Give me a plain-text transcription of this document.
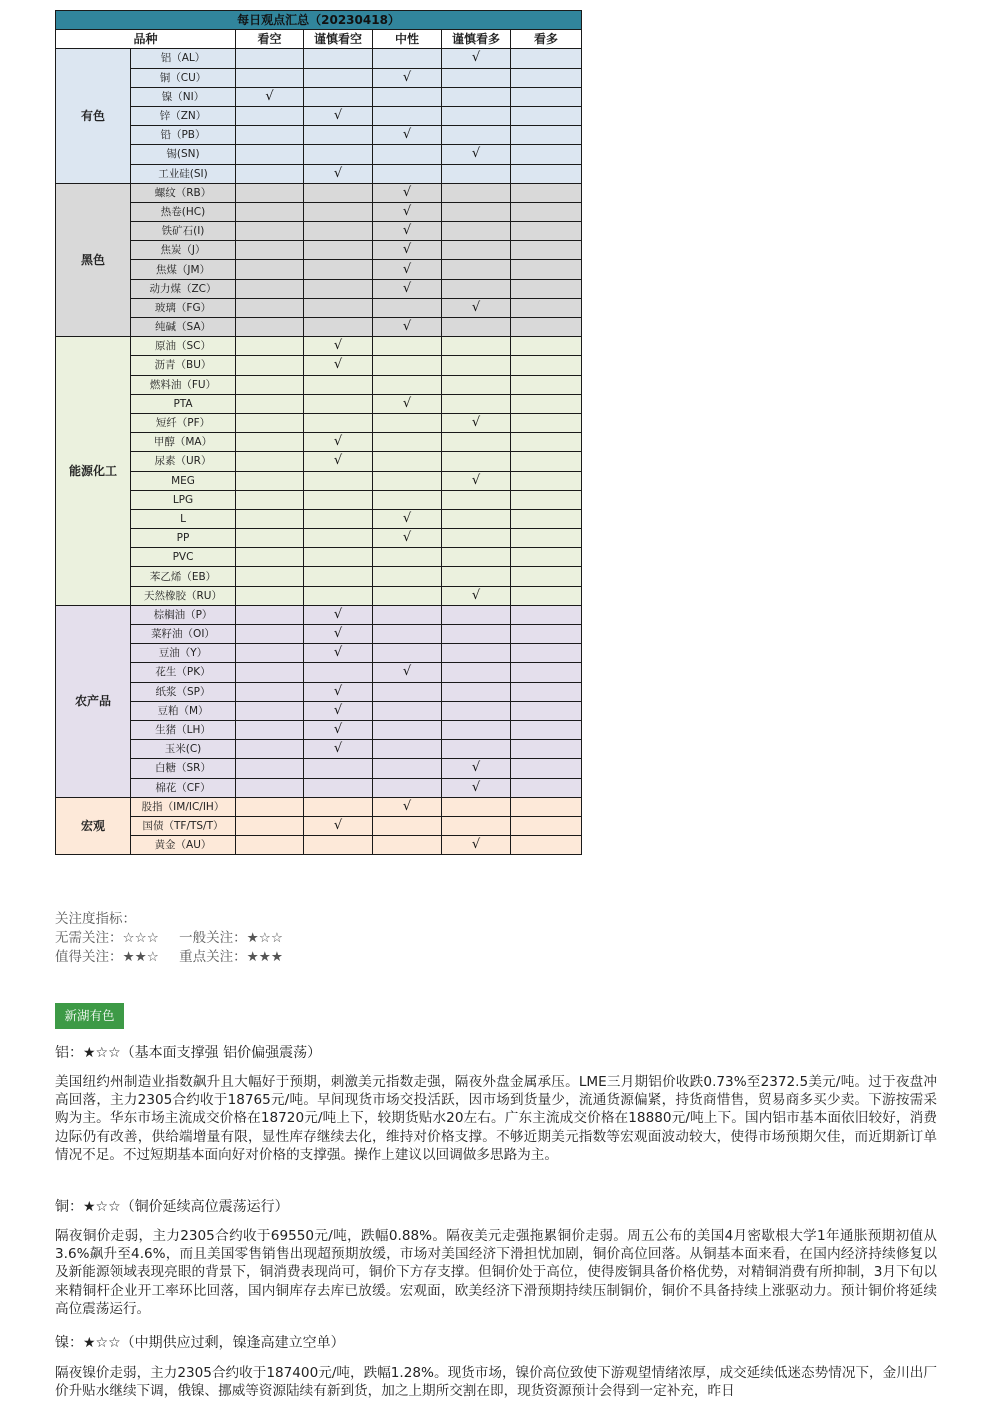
每日观点汇总（20230418）						
品种		看空	谨慎看空	中性	谨慎看多	看多
有色	铝（AL）				√	
	铜（CU）			√		
	镍（NI）	√				
	锌（ZN）		√			
	铅（PB）			√		
	锡(SN)				√	
	工业硅(SI)		√			
黑色	螺纹（RB）			√		
	热卷(HC)			√		
	铁矿石(I)			√		
	焦炭（J）			√		
	焦煤（JM）			√		
	动力煤（ZC）			√		
	玻璃（FG）				√	
	纯碱（SA）			√		
能源化工	原油（SC）		√			
	沥青（BU）		√			
	燃料油（FU）					
	PTA			√		
	短纤（PF）				√	
	甲醇（MA）		√			
	尿素（UR）		√			
	MEG				√	
	LPG					
	L			√		
	PP			√		
	PVC					
	苯乙烯（EB）					
	天然橡胶（RU）				√	
农产品	棕榈油（P）		√			
	菜籽油（OI）		√			
	豆油（Y）		√			
	花生（PK）			√		
	纸浆（SP）		√			
	豆粕（M）		√			
	生猪（LH）		√			
	玉米(C)		√			
	白糖（SR）				√	
	棉花（CF）				√	
宏观	股指（IM/IC/IH）			√		
	国债（TF/TS/T）		√			
	黄金（AU）				√	
关注度指标：
无需关注：☆☆☆ 一般关注：★☆☆
值得关注：★★☆ 重点关注：★★★
新湖有色
铝：★☆☆（基本面支撑强 铝价偏强震荡）
美国纽约州制造业指数飙升且大幅好于预期，刺激美元指数走强，隔夜外盘金属承压。LME三月期铝价收跌0.73%至2372.5美元/吨。过于夜盘冲高回落，主力2305合约收于18765元/吨。早间现货市场交投活跃，因市场到货量少，流通货源偏紧，持货商惜售，贸易商多买少卖。下游按需采购为主。华东市场主流成交价格在18720元/吨上下，较期货贴水20左右。广东主流成交价格在18880元/吨上下。国内铝市基本面依旧较好，消费边际仍有改善，供给端增量有限，显性库存继续去化，维持对价格支撑。不够近期美元指数等宏观面波动较大，使得市场预期欠佳，而近期新订单情况不足。不过短期基本面向好对价格的支撑强。操作上建议以回调做多思路为主。
铜：★☆☆（铜价延续高位震荡运行）
隔夜铜价走弱，主力2305合约收于69550元/吨，跌幅0.88%。隔夜美元走强拖累铜价走弱。周五公布的美国4月密歇根大学1年通胀预期初值从3.6%飙升至4.6%，而且美国零售销售出现超预期放缓，市场对美国经济下滑担忧加剧，铜价高位回落。从铜基本面来看，在国内经济持续修复以及新能源领域表现亮眼的背景下，铜消费表现尚可，铜价下方存支撑。但铜价处于高位，使得废铜具备价格优势，对精铜消费有所抑制，3月下旬以来精铜杆企业开工率环比回落，国内铜库存去库已放缓。宏观面，欧美经济下滑预期持续压制铜价，铜价不具备持续上涨驱动力。预计铜价将延续高位震荡运行。
镍：★☆☆（中期供应过剩，镍逢高建立空单）
隔夜镍价走弱，主力2305合约收于187400元/吨，跌幅1.28%。现货市场，镍价高位致使下游观望情绪浓厚，成交延续低迷态势情况下，金川出厂价升贴水继续下调，俄镍、挪威等资源陆续有新到货，加之上期所交割在即，现货资源预计会得到一定补充，昨日
